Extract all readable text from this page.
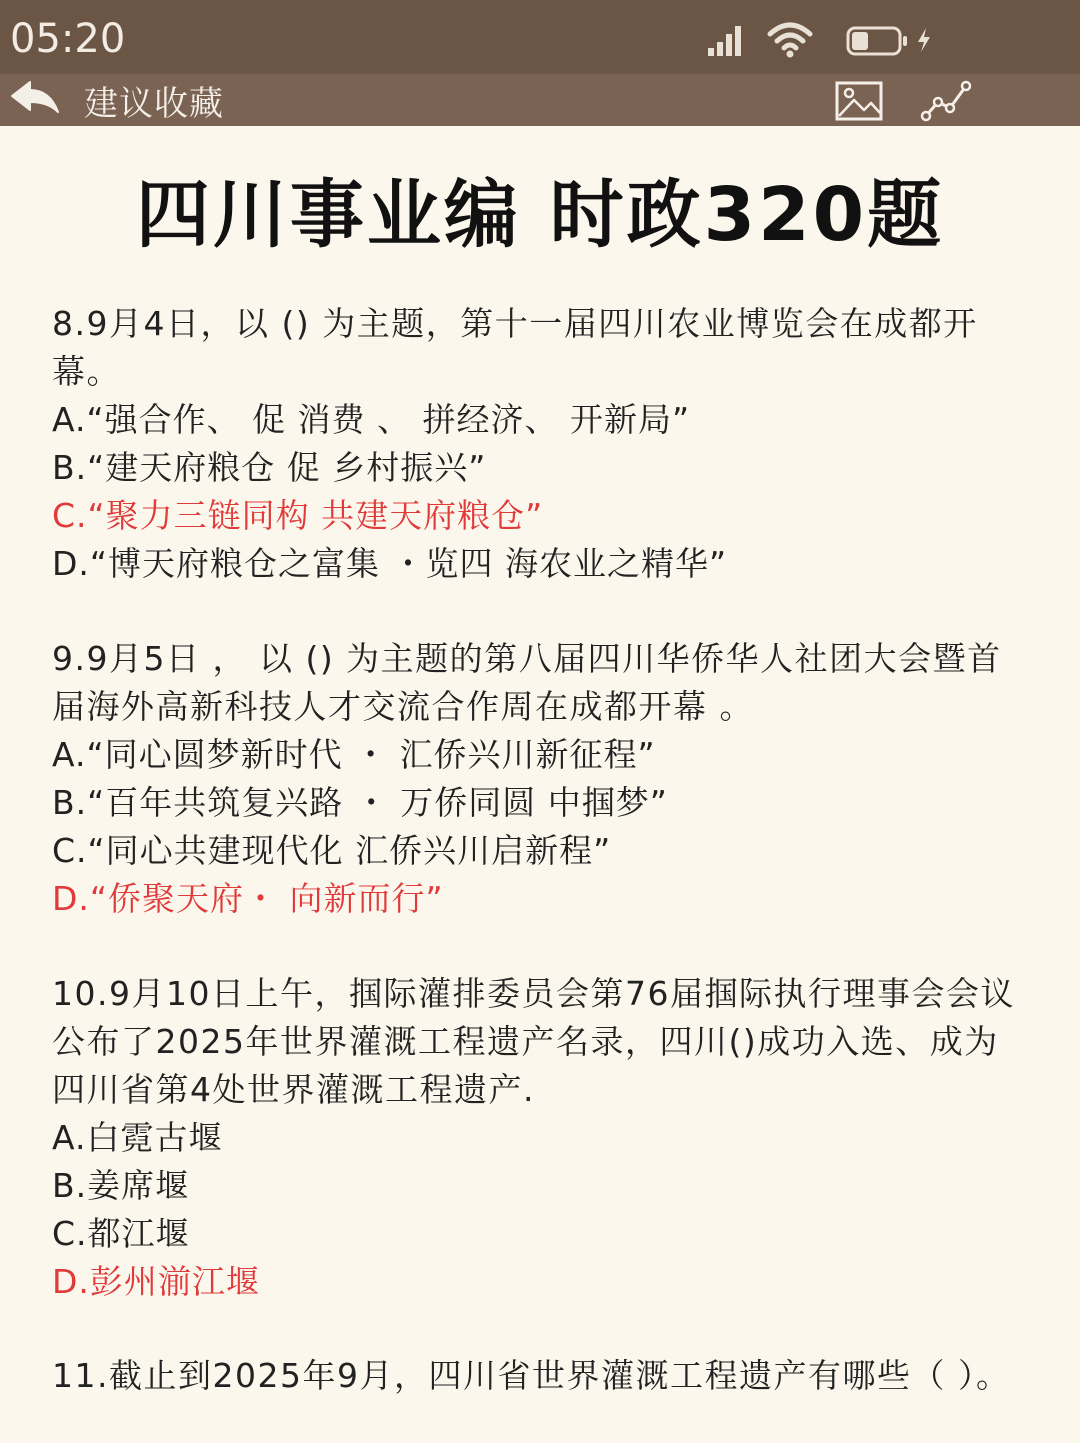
05:20
建议收藏
四川事业编 时政320题
8.9月4日，以 () 为主题，第十一届四川农业博览会在成都开
幕。
A.“强合作、 促 消费 、 拼经济、 开新局”
B.“建天府粮仓 促 乡村振兴”
C.“聚力三链同构 共建天府粮仓”
D.“博天府粮仓之富集 ・览四 海农业之精华”
9.9月5日 ， 以 () 为主题的第八届四川华侨华人社团大会暨首
届海外高新科技人才交流合作周在成都开幕 。
A.“同心圆梦新时代 ・ 汇侨兴川新征程”
B.“百年共筑复兴路 ・ 万侨同圆 中掴梦”
C.“同心共建现代化 汇侨兴川启新程”
D.“侨聚天府・ 向新而行”
10.9月10日上午，掴际灌排委员会第76届掴际执行理事会会议
公布了2025年世界灌溉工程遗产名录，四川()成功入选、成为
四川省第4处世界灌溉工程遗产.
A.白霓古堰
B.姜席堰
C.都江堰
D.彭州湔江堰
11.截止到2025年9月，四川省世界灌溉工程遗产有哪些（ ）。
